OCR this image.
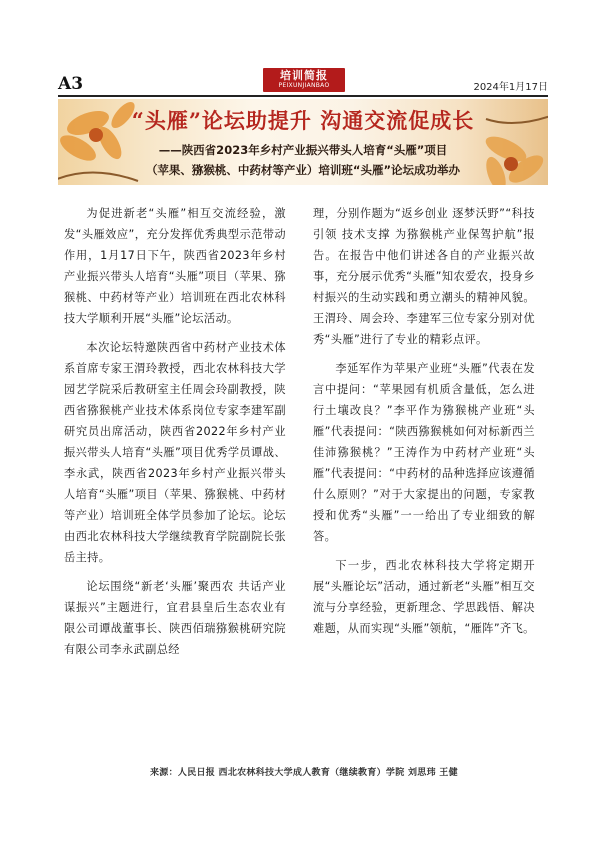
A3	培训简报
PEIXUNJIANBAO	2024年1月17日
“头雁”论坛助提升 沟通交流促成长
——陕西省2023年乡村产业振兴带头人培育“头雁”项目
（苹果、猕猴桃、中药材等产业）培训班“头雁”论坛成功举办

为促进新老“头雁”相互交流经验，激发“头雁效应”，充分发挥优秀典型示范带动作用，1月17日下午，陕西省2023年乡村产业振兴带头人培育“头雁”项目（苹果、猕猴桃、中药材等产业）培训班在西北农林科技大学顺利开展“头雁”论坛活动。

本次论坛特邀陕西省中药材产业技术体系首席专家王渭玲教授，西北农林科技大学园艺学院采后教研室主任周会玲副教授，陕西省猕猴桃产业技术体系岗位专家李建军副研究员出席活动，陕西省2022年乡村产业振兴带头人培育“头雁”项目优秀学员谭战、李永武，陕西省2023年乡村产业振兴带头人培育“头雁”项目（苹果、猕猴桃、中药材等产业）培训班全体学员参加了论坛。论坛由西北农林科技大学继续教育学院副院长张岳主持。

论坛围绕“新老‘头雁’聚西农 共话产业谋振兴”主题进行，宜君县皇后生态农业有限公司谭战董事长、陕西佰瑞猕猴桃研究院有限公司李永武副总经

理，分别作题为“返乡创业 逐梦沃野”“科技引领 技术支撑 为猕猴桃产业保驾护航”报告。在报告中他们讲述各自的产业振兴故事，充分展示优秀“头雁”知农爱农，投身乡村振兴的生动实践和勇立潮头的精神风貌。王渭玲、周会玲、李建军三位专家分别对优秀“头雁”进行了专业的精彩点评。

李延军作为苹果产业班“头雁”代表在发言中提问：“苹果园有机质含量低，怎么进行土壤改良？”李平作为猕猴桃产业班“头雁”代表提问：“陕西猕猴桃如何对标新西兰佳沛猕猴桃？”王涛作为中药材产业班“头雁”代表提问：“中药材的品种选择应该遵循什么原则？”对于大家提出的问题，专家教授和优秀“头雁”一一给出了专业细致的解答。

下一步，西北农林科技大学将定期开展“头雁论坛”活动，通过新老“头雁”相互交流与分享经验，更新理念、学思践悟、解决难题，从而实现“头雁”领航，“雁阵”齐飞。

来源：人民日报 西北农林科技大学成人教育（继续教育）学院 刘思玮 王健
